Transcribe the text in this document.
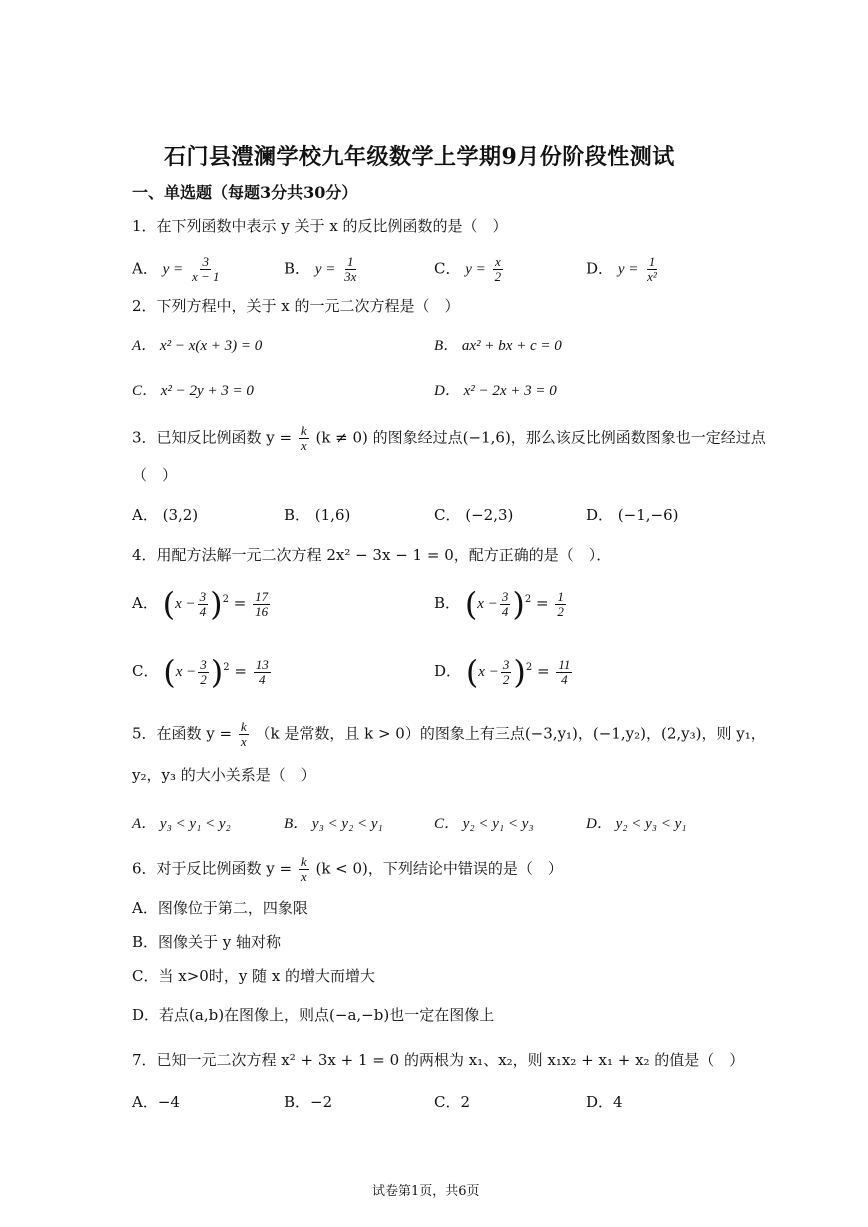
石门县澧澜学校九年级数学上学期9月份阶段性测试
一、单选题（每题3分共30分）
1．在下列函数中表示 y 关于 x 的反比例函数的是（　）
A． $y = \frac{3}{x - 1}$	B． $y = \frac{1}{3x}$	C． $y = \frac{x}{2}$	D． $y = \frac{1}{\text{x²}}$
2．下列方程中，关于 x 的一元二次方程是（　）
A． x² − x(x + 3) = 0	B． ax² + bx + c = 0
C． x² − 2y + 3 = 0	D． x² − 2x + 3 = 0
3．已知反比例函数 $y = \frac{k}{x} (k \ne 0)$ 的图象经过点(−1,6)，那么该反比例函数图象也一定经过点
（　）
A． (3,2)	B． (1,6)	C． (−2,3)	D． (−1,−6)
4．用配方法解一元二次方程 2x² − 3x − 1 = 0，配方正确的是（　）．
A． $(x - \frac{3}{4} )^2 = \frac{17}{16}$	B． $(x - \frac{3}{4} )^2 = \frac{1}{2}$
C． $(x - \frac{3}{2} )^2 = \frac{13}{4}$	D． $(x - \frac{3}{2} )^2 = \frac{11}{4}$
5．在函数 $y = \frac{k}{x} (k$ 是常数，且 k > 0）的图象上有三点(−3,y₁)，(−1,y₂)，(2,y₃)，则 y₁，
y₂，y₃ 的大小关系是（　）
A． y₃ < y₁ < y₂	B． y₃ < y₂ < y₁	C． y₂ < y₁ < y₃	D． y₂ < y₃ < y₁
6．对于反比例函数 $y = \frac{k}{x} (k < 0)$，下列结论中错误的是（　）
A．图像位于第二，四象限
B．图像关于 y 轴对称
C．当 x>0时，y 随 x 的增大而增大
D．若点(a,b)在图像上，则点(−a,−b)也一定在图像上
7．已知一元二次方程 x² + 3x + 1 = 0 的两根为 x₁、x₂，则 x₁x₂ + x₁ + x₂ 的值是（　）
A．−4	B．−2	C．2	D．4
试卷第1页，共6页
